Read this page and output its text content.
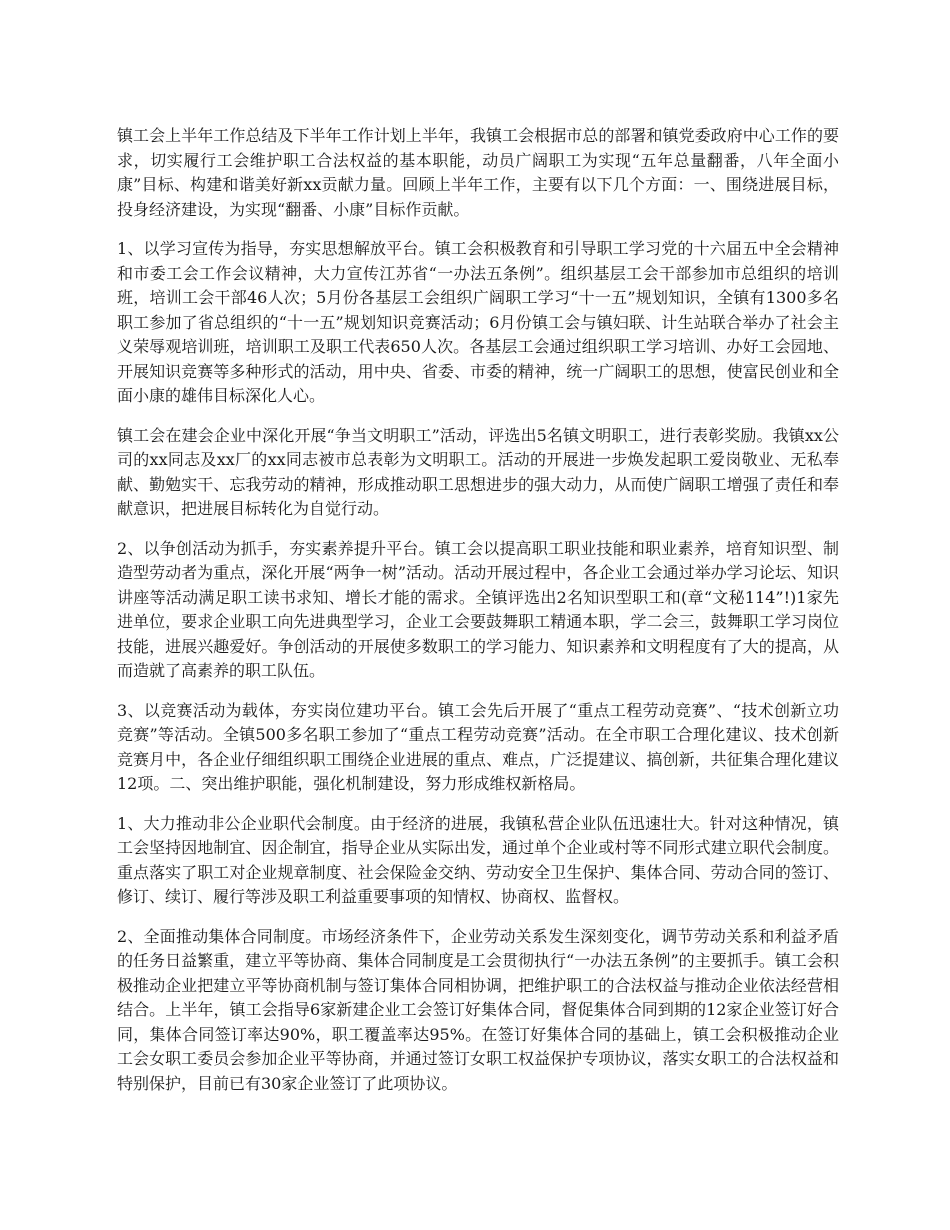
镇工会上半年工作总结及下半年工作计划上半年，我镇工会根据市总的部署和镇党委政府中心工作的要求，切实履行工会维护职工合法权益的基本职能，动员广阔职工为实现“五年总量翻番，八年全面小康”目标、构建和谐美好新xx贡献力量。回顾上半年工作，主要有以下几个方面：一、围绕进展目标，投身经济建设，为实现“翻番、小康”目标作贡献。

1、以学习宣传为指导，夯实思想解放平台。镇工会积极教育和引导职工学习党的十六届五中全会精神和市委工会工作会议精神，大力宣传江苏省“一办法五条例”。组织基层工会干部参加市总组织的培训班，培训工会干部46人次；5月份各基层工会组织广阔职工学习“十一五”规划知识，全镇有1300多名职工参加了省总组织的“十一五”规划知识竞赛活动；6月份镇工会与镇妇联、计生站联合举办了社会主义荣辱观培训班，培训职工及职工代表650人次。各基层工会通过组织职工学习培训、办好工会园地、开展知识竞赛等多种形式的活动，用中央、省委、市委的精神，统一广阔职工的思想，使富民创业和全面小康的雄伟目标深化人心。

镇工会在建会企业中深化开展“争当文明职工”活动，评选出5名镇文明职工，进行表彰奖励。我镇xx公司的xx同志及xx厂的xx同志被市总表彰为文明职工。活动的开展进一步焕发起职工爱岗敬业、无私奉献、勤勉实干、忘我劳动的精神，形成推动职工思想进步的强大动力，从而使广阔职工增强了责任和奉献意识，把进展目标转化为自觉行动。

2、以争创活动为抓手，夯实素养提升平台。镇工会以提高职工职业技能和职业素养，培育知识型、制造型劳动者为重点，深化开展“两争一树”活动。活动开展过程中，各企业工会通过举办学习论坛、知识讲座等活动满足职工读书求知、增长才能的需求。全镇评选出2名知识型职工和(章“文秘114”!)1家先进单位，要求企业职工向先进典型学习，企业工会要鼓舞职工精通本职，学二会三，鼓舞职工学习岗位技能，进展兴趣爱好。争创活动的开展使多数职工的学习能力、知识素养和文明程度有了大的提高，从而造就了高素养的职工队伍。

3、以竞赛活动为载体，夯实岗位建功平台。镇工会先后开展了“重点工程劳动竞赛”、“技术创新立功竞赛”等活动。全镇500多名职工参加了“重点工程劳动竞赛”活动。在全市职工合理化建议、技术创新竞赛月中，各企业仔细组织职工围绕企业进展的重点、难点，广泛提建议、搞创新，共征集合理化建议12项。二、突出维护职能，强化机制建设，努力形成维权新格局。

1、大力推动非公企业职代会制度。由于经济的进展，我镇私营企业队伍迅速壮大。针对这种情况，镇工会坚持因地制宜、因企制宜，指导企业从实际出发，通过单个企业或村等不同形式建立职代会制度。重点落实了职工对企业规章制度、社会保险金交纳、劳动安全卫生保护、集体合同、劳动合同的签订、修订、续订、履行等涉及职工利益重要事项的知情权、协商权、监督权。

2、全面推动集体合同制度。市场经济条件下，企业劳动关系发生深刻变化，调节劳动关系和利益矛盾的任务日益繁重，建立平等协商、集体合同制度是工会贯彻执行“一办法五条例”的主要抓手。镇工会积极推动企业把建立平等协商机制与签订集体合同相协调，把维护职工的合法权益与推动企业依法经营相结合。上半年，镇工会指导6家新建企业工会签订好集体合同，督促集体合同到期的12家企业签订好合同，集体合同签订率达90%，职工覆盖率达95%。在签订好集体合同的基础上，镇工会积极推动企业工会女职工委员会参加企业平等协商，并通过签订女职工权益保护专项协议，落实女职工的合法权益和特别保护，目前已有30家企业签订了此项协议。
